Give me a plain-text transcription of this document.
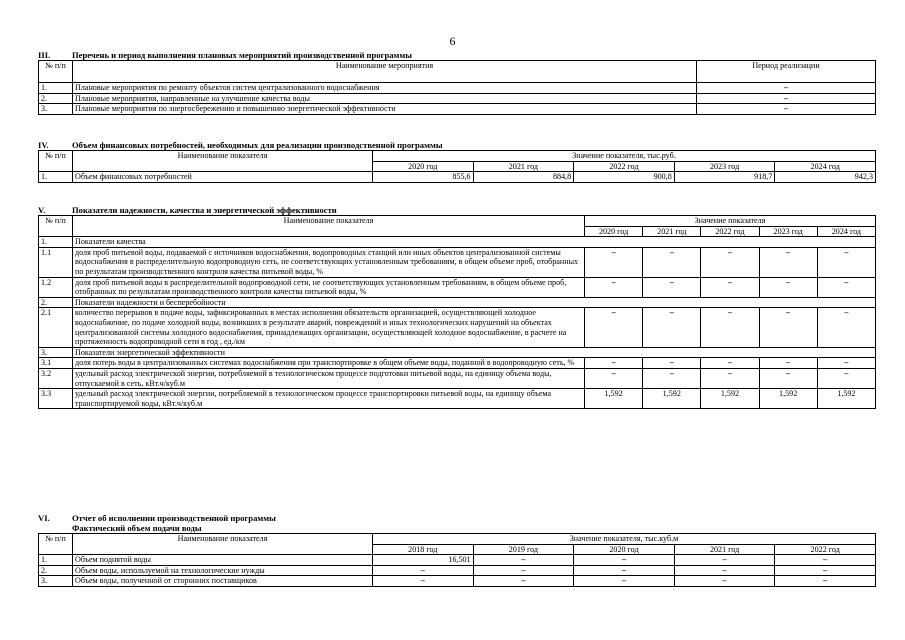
6
III.	Перечень и период выполнения плановых мероприятий производственной программы
№ п/п	Наименование мероприятия	Период реализации
1.	Плановые мероприятия по ремонту объектов систем централизованного водоснабжения	–
2.	Плановые мероприятия, направленные на улучшение качества воды	–
3.	Плановые мероприятия по энергосбережению и повышению энергетической эффективности	–
IV.	Объем финансовых потребностей, необходимых для реализации производственной программы
№ п/п	Наименование показателя	Значение показателя, тыс.руб.				
		2020 год	2021 год	2022 год	2023 год	2024 год
1.	Объем финансовых потребностей	855,6	884,8	900,8	918,7	942,3
V.	Показатели надежности, качества и энергетической эффективности
№ п/п	Наименование показателя	Значение показателя				
		2020 год	2021 год	2022 год	2023 год	2024 год
1.	Показатели качества					
1.1	доля проб питьевой воды, подаваемой с источников водоснабжения, водопроводных станций или иных объектов централизованной системы водоснабжения в распределительную водопроводную сеть, не соответствующих установленным требованиям, в общем объеме проб, отобранных по результатам производственного контроля качества питьевой воды, %	–	–	–	–	–
1.2	доля проб питьевой воды в распределительной водопроводной сети, не соответствующих установленным требованиям, в общем объеме проб, отобранных по результатам производственного контроля качества питьевой воды, %	–	–	–	–	–
2.	Показатели надежности и бесперебойности					
2.1	количество перерывов в подаче воды, зафиксированных в местах исполнения обязательств организацией, осуществляющей холодное водоснабжение, по подаче холодной воды, возникших в результате аварий, повреждений и иных технологических нарушений на объектах централизованной системы холодного водоснабжения, принадлежащих организации, осуществляющей холодное водоснабжение, в расчете на протяженность водопроводной сети в год , ед./км	–	–	–	–	–
3.	Показатели энергетической эффективности					
3.1	доля потерь воды в централизованных системах водоснабжения при транспортировке в общем объеме воды, поданной в водопроводную сеть, %	–	–	–	–	–
3.2	удельный расход электрической энергии, потребляемой в технологическом процессе подготовки питьевой воды, на единицу объема воды, отпускаемой в сеть, кВт.ч/куб.м	–	–	–	–	–
3.3	удельный расход электрической энергии, потребляемой в технологическом процессе транспортировки питьевой воды, на единицу объема транспортируемой воды, кВт.ч/куб.м	1,592	1,592	1,592	1,592	1,592
VI.	Отчет об исполнении производственной программы
Фактический объем подачи воды
№ п/п	Наименование показателя	Значение показателя, тыс.куб.м				
		2018 год	2019 год	2020 год	2021 год	2022 год
1.	Объем поднятой воды	16,501	–	–	–	–
2.	Объем воды, используемой на технологические нужды	–	–	–	–	–
3.	Объем воды, полученной от сторонних поставщиков	–	–	–	–	–
